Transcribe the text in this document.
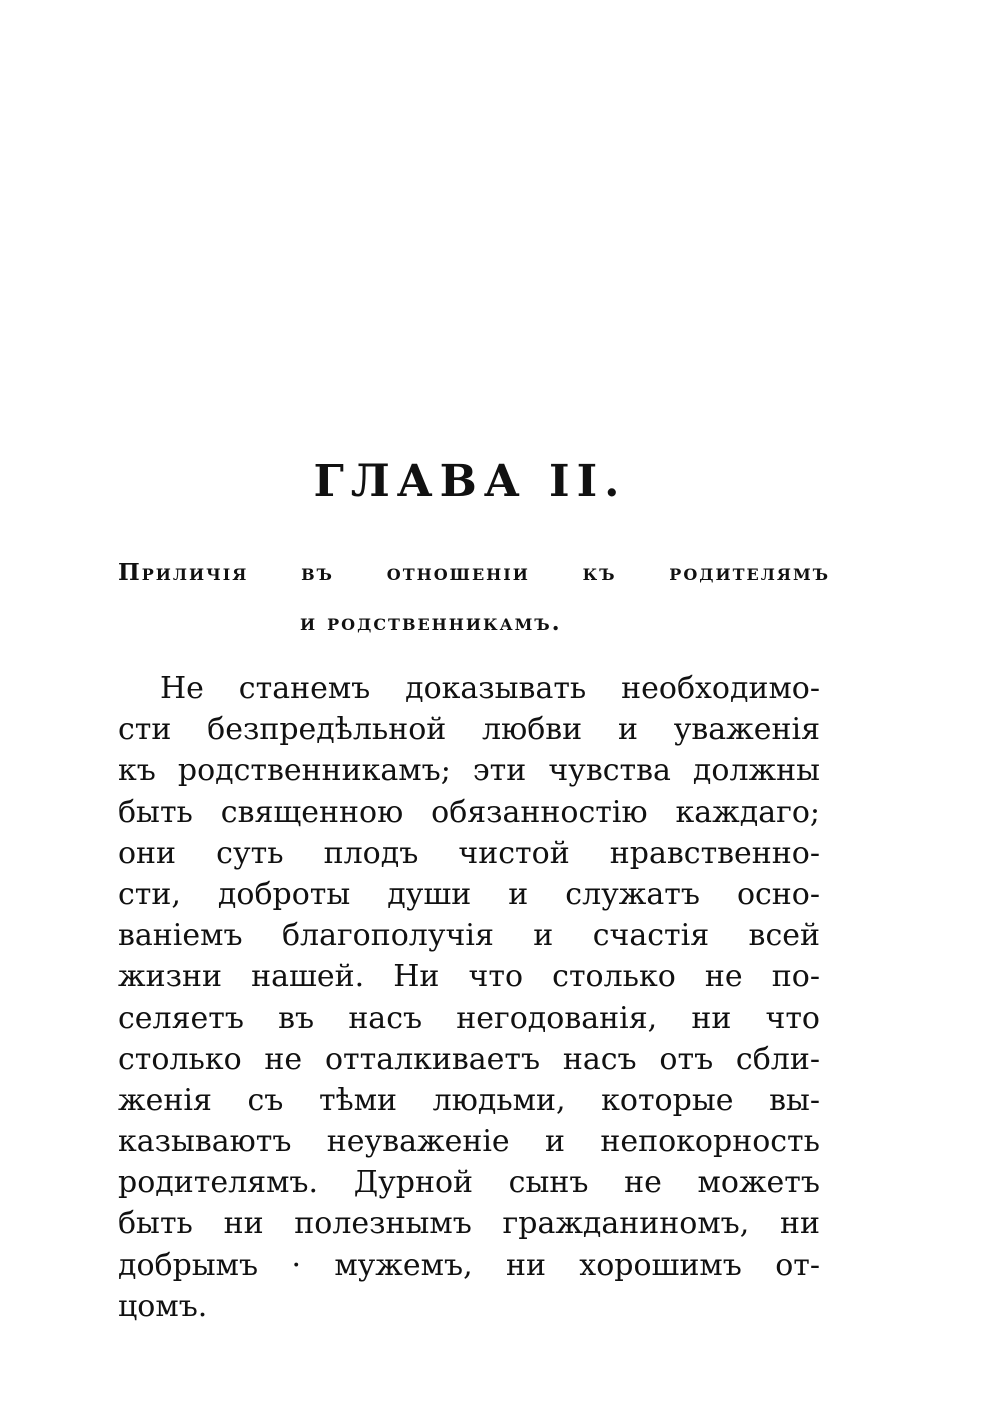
ГЛАВА II.
Приличія въ отношеніи къ родителямъ
и родственникамъ.
Не станемъ доказывать необходимо-
сти безпредѣльной любви и уваженія
къ родственникамъ; эти чувства должны
быть священною обязанностію каждаго;
они суть плодъ чистой нравственно-
сти, доброты души и служатъ осно-
ваніемъ благополучія и счастія всей
жизни нашей. Ни что столько не по-
селяетъ въ насъ негодованія, ни что
столько не отталкиваетъ насъ отъ сбли-
женія съ тѣми людьми, которые вы-
казываютъ неуваженіе и непокорность
родителямъ. Дурной сынъ не можетъ
быть ни полезнымъ гражданиномъ, ни
добрымъ · мужемъ, ни хорошимъ от-
цомъ.
